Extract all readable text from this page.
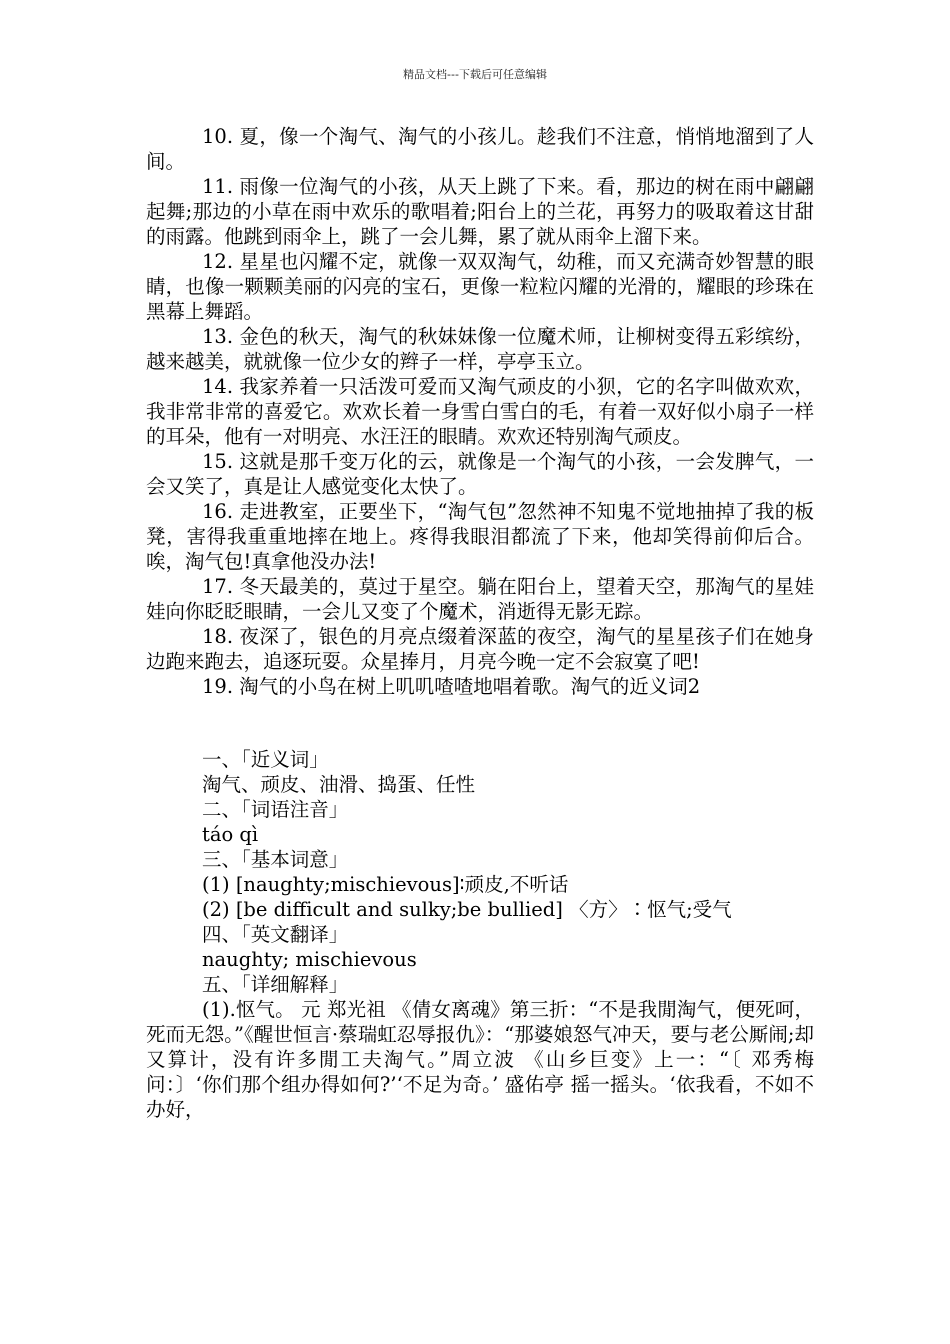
精品文档---下载后可任意编辑

10. 夏，像一个淘气、淘气的小孩儿。趁我们不注意，悄悄地溜到了人间。

11. 雨像一位淘气的小孩，从天上跳了下来。看，那边的树在雨中翩翩起舞;那边的小草在雨中欢乐的歌唱着;阳台上的兰花，再努力的吸取着这甘甜的雨露。他跳到雨伞上，跳了一会儿舞，累了就从雨伞上溜下来。

12. 星星也闪耀不定，就像一双双淘气，幼稚，而又充满奇妙智慧的眼睛，也像一颗颗美丽的闪亮的宝石，更像一粒粒闪耀的光滑的，耀眼的珍珠在黑幕上舞蹈。

13. 金色的秋天，淘气的秋妹妹像一位魔术师，让柳树变得五彩缤纷，越来越美，就就像一位少女的辫子一样，亭亭玉立。

14. 我家养着一只活泼可爱而又淘气顽皮的小狈，它的名字叫做欢欢，我非常非常的喜爱它。欢欢长着一身雪白雪白的毛，有着一双好似小扇子一样的耳朵，他有一对明亮、水汪汪的眼睛。欢欢还特别淘气顽皮。

15. 这就是那千变万化的云，就像是一个淘气的小孩，一会发脾气，一会又笑了，真是让人感觉变化太快了。

16. 走进教室，正要坐下，“淘气包”忽然神不知鬼不觉地抽掉了我的板凳，害得我重重地摔在地上。疼得我眼泪都流了下来，他却笑得前仰后合。唉，淘气包!真拿他没办法!

17. 冬天最美的，莫过于星空。躺在阳台上，望着天空，那淘气的星娃娃向你眨眨眼睛，一会儿又变了个魔术，消逝得无影无踪。

18. 夜深了，银色的月亮点缀着深蓝的夜空，淘气的星星孩子们在她身边跑来跑去，追逐玩耍。众星捧月，月亮今晚一定不会寂寞了吧!

19. 淘气的小鸟在树上叽叽喳喳地唱着歌。淘气的近义词2

一、「近义词」

淘气、顽皮、油滑、捣蛋、任性

二、「词语注音」

táo qì

三、「基本词意」

(1) [naughty;mischievous]∶顽皮,不听话

(2) [be difficult and sulky;be bullied] 〈方〉∶怄气;受气

四、「英文翻译」

naughty; mischievous

五、「详细解释」

(1).怄气。 元 郑光祖 《倩女离魂》第三折：“不是我閒淘气，便死呵，死而无怨。”《醒世恒言·蔡瑞虹忍辱报仇》：“那婆娘怒气冲天，要与老公厮闹;却又算计，没有许多閒工夫淘气。”周立波 《山乡巨变》上一：“〔 邓秀梅 问：〕‘你们那个组办得如何?’‘不足为奇。’ 盛佑亭 摇一摇头。‘依我看，不如不办好，
